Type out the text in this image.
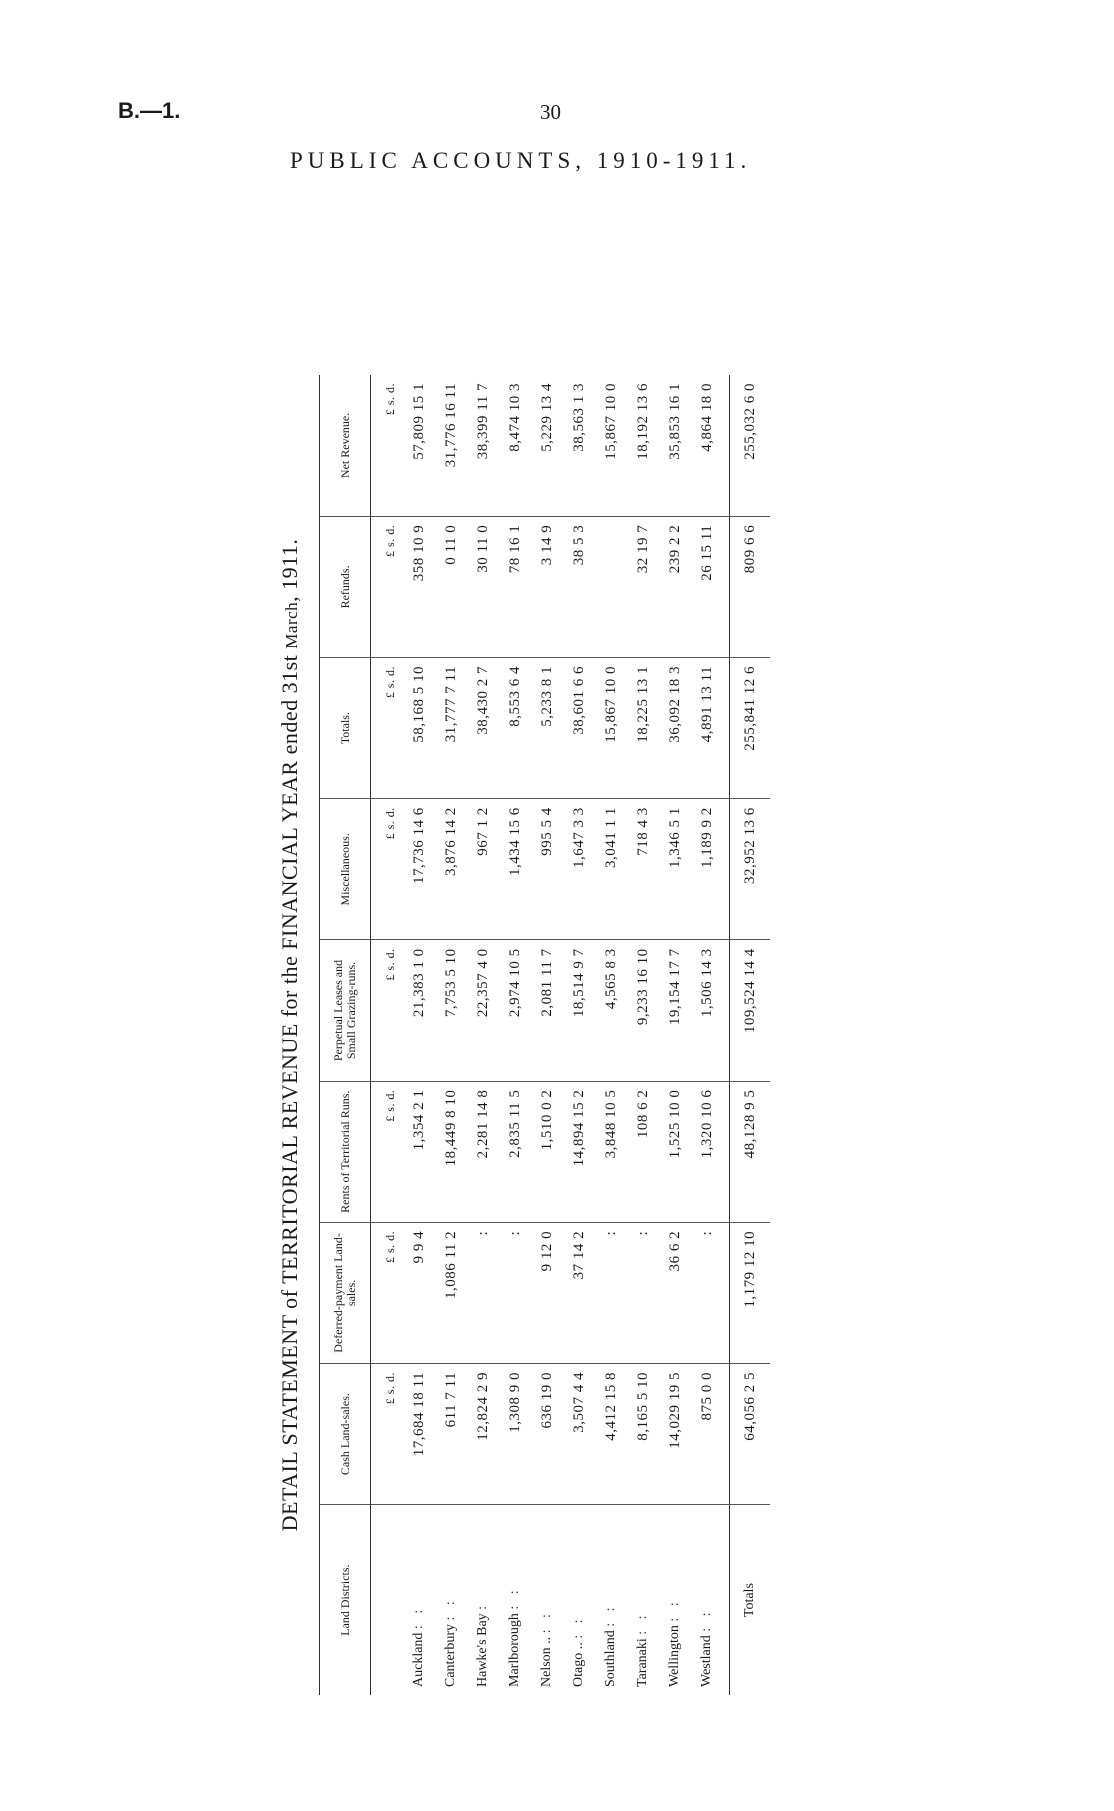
B.—1.	30
PUBLIC ACCOUNTS, 1910-1911.
DETAIL STATEMENT of TERRITORIAL REVENUE for the FINANCIAL YEAR ended 31st March, 1911.
Land Districts.	Cash Land-sales.	Deferred-payment Land-sales.	Rents of Territorial Runs.	Perpetual Leases and Small Grazing-runs.	Miscellaneous.	Totals.	Refunds.	Net Revenue.
	£ s. d.	£ s. d.	£ s. d.	£ s. d.	£ s. d.	£ s. d.	£ s. d.	£ s. d.
Auckland : :	17,684 18 11	9 9 4	1,354 2 1	21,383 1 0	17,736 14 6	58,168 5 10	358 10 9	57,809 15 1
Canterbury : :	611 7 11	1,086 11 2	18,449 8 10	7,753 5 10	3,876 14 2	31,777 7 11	0 11 0	31,776 16 11
Hawke's Bay :	12,824 2 9	:	2,281 14 8	22,357 4 0	967 1 2	38,430 2 7	30 11 0	38,399 11 7
Marlborough : :	1,308 9 0	:	2,835 11 5	2,974 10 5	1,434 15 6	8,553 6 4	78 16 1	8,474 10 3
Nelson .. : :	636 19 0	9 12 0	1,510 0 2	2,081 11 7	995 5 4	5,233 8 1	3 14 9	5,229 13 4
Otago .. : :	3,507 4 4	37 14 2	14,894 15 2	18,514 9 7	1,647 3 3	38,601 6 6	38 5 3	38,563 1 3
Southland : :	4,412 15 8	:	3,848 10 5	4,565 8 3	3,041 1 1	15,867 10 0		15,867 10 0
Taranaki : :	8,165 5 10	:	108 6 2	9,233 16 10	718 4 3	18,225 13 1	32 19 7	18,192 13 6
Wellington : :	14,029 19 5	36 6 2	1,525 10 0	19,154 17 7	1,346 5 1	36,092 18 3	239 2 2	35,853 16 1
Westland : :	875 0 0	:	1,320 10 6	1,506 14 3	1,189 9 2	4,891 13 11	26 15 11	4,864 18 0
Totals	64,056 2 5	1,179 12 10	48,128 9 5	109,524 14 4	32,952 13 6	255,841 12 6	809 6 6	255,032 6 0
